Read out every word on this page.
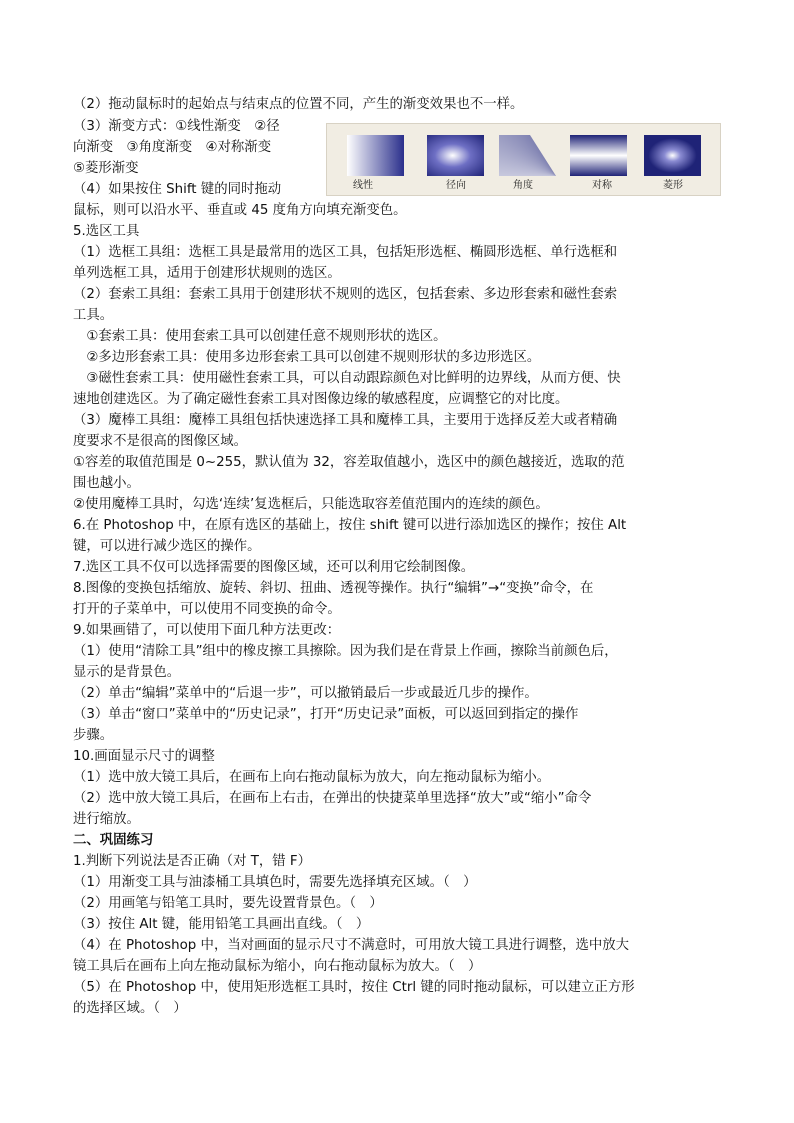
（2）拖动鼠标时的起始点与结束点的位置不同，产生的渐变效果也不一样。
（3）渐变方式：①线性渐变　②径
向渐变　③角度渐变　④对称渐变
⑤菱形渐变
（4）如果按住 Shift 键的同时拖动
鼠标，则可以沿水平、垂直或 45 度角方向填充渐变色。
5.选区工具
（1）选框工具组：选框工具是最常用的选区工具，包括矩形选框、椭圆形选框、单行选框和
单列选框工具，适用于创建形状规则的选区。
（2）套索工具组：套索工具用于创建形状不规则的选区，包括套索、多边形套索和磁性套索
工具。
　①套索工具：使用套索工具可以创建任意不规则形状的选区。
　②多边形套索工具：使用多边形套索工具可以创建不规则形状的多边形选区。
　③磁性套索工具：使用磁性套索工具，可以自动跟踪颜色对比鲜明的边界线，从而方便、快
速地创建选区。为了确定磁性套索工具对图像边缘的敏感程度，应调整它的对比度。
（3）魔棒工具组：魔棒工具组包括快速选择工具和魔棒工具，主要用于选择反差大或者精确
度要求不是很高的图像区域。
①容差的取值范围是 0~255，默认值为 32，容差取值越小，选区中的颜色越接近，选取的范
围也越小。
②使用魔棒工具时，勾选‘连续’复选框后，只能选取容差值范围内的连续的颜色。
6.在 Photoshop 中，在原有选区的基础上，按住 shift 键可以进行添加选区的操作；按住 Alt
键，可以进行减少选区的操作。
7.选区工具不仅可以选择需要的图像区域，还可以利用它绘制图像。
8.图像的变换包括缩放、旋转、斜切、扭曲、透视等操作。执行“编辑”→“变换”命令，在
打开的子菜单中，可以使用不同变换的命令。
9.如果画错了，可以使用下面几种方法更改：
（1）使用“清除工具”组中的橡皮擦工具擦除。因为我们是在背景上作画，擦除当前颜色后，
显示的是背景色。
（2）单击“编辑”菜单中的“后退一步”，可以撤销最后一步或最近几步的操作。
（3）单击“窗口”菜单中的“历史记录”，打开“历史记录”面板，可以返回到指定的操作
步骤。
10.画面显示尺寸的调整
（1）选中放大镜工具后，在画布上向右拖动鼠标为放大，向左拖动鼠标为缩小。
（2）选中放大镜工具后，在画布上右击，在弹出的快捷菜单里选择“放大”或“缩小”命令
进行缩放。
二、巩固练习
1.判断下列说法是否正确（对 T，错 F）
（1）用渐变工具与油漆桶工具填色时，需要先选择填充区域。（　）
（2）用画笔与铅笔工具时，要先设置背景色。（　）
（3）按住 Alt 键，能用铅笔工具画出直线。（　）
（4）在 Photoshop 中，当对画面的显示尺寸不满意时，可用放大镜工具进行调整，选中放大
镜工具后在画布上向左拖动鼠标为缩小，向右拖动鼠标为放大。（　）
（5）在 Photoshop 中，使用矩形选框工具时，按住 Ctrl 键的同时拖动鼠标，可以建立正方形
的选择区域。（　）
线性	径向	角度	对称	菱形
